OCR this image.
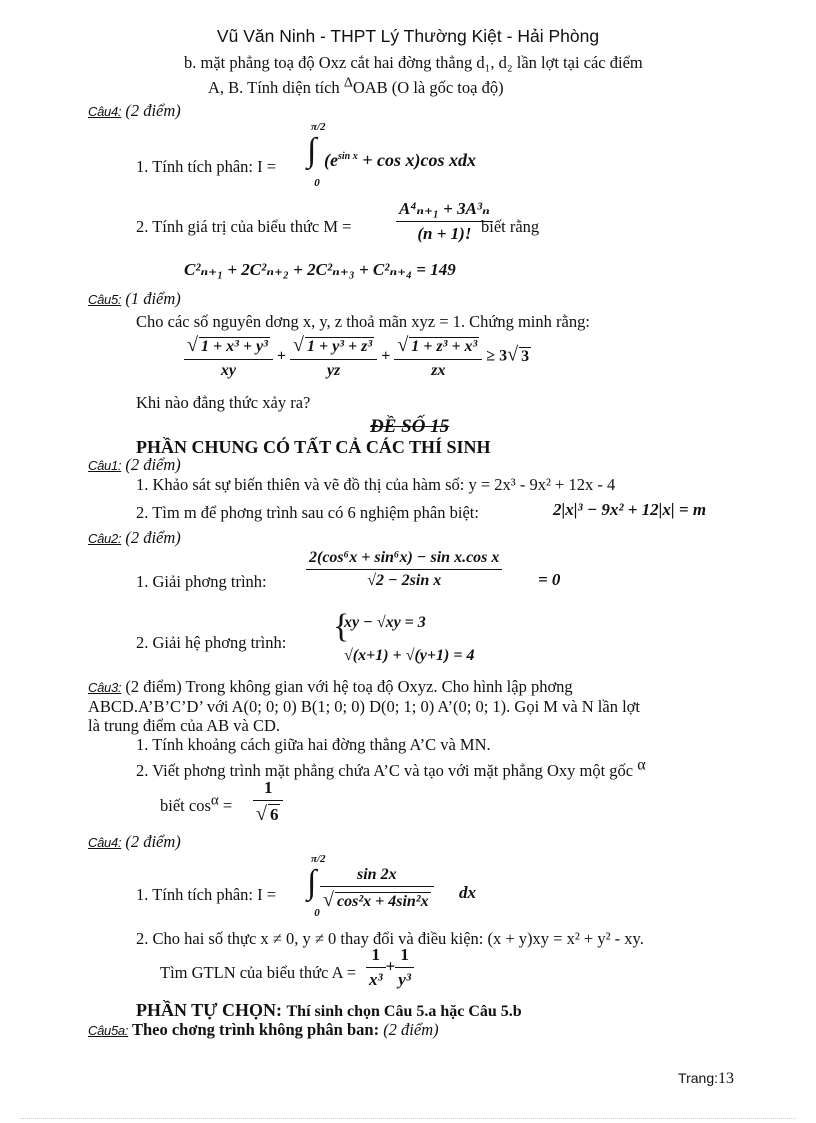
Vũ Văn Ninh - THPT Lý Thường Kiệt - Hải Phòng
b. mặt phẳng toạ độ Oxz cắt hai đờng thẳng d₁, d₂ lần lợt tại các điểm
A, B. Tính diện tích $^\Delta$OAB (O là gốc toạ độ)
Câu4: (2 điểm)
1. Tính tích phân: I =
π/2
∫
0
$(e^{sin x} + \cos x)\cos$ xdx
2. Tính giá trị của biểu thức M =	$\frac{\text{A⁴ₙ₊₁ + 3A³ₙ}}{(n + 1)!}$
biết rằng
C²ₙ₊₁ + 2C²ₙ₊₂ + 2C²ₙ₊₃ + C²ₙ₊₄ = 149
Câu5: (1 điểm)
Cho các số nguyên dơng x, y, z thoả mãn xyz = 1. Chứng minh rằng:
$\frac{\text{√ 1 + x³ + y³}}{xy} + \frac{\text{√ 1 + y³ + z³}}{yz} + \frac{\text{√ 1 + z³ + x³}}{zx} \ge 3√$ 3
Khi nào đẳng thức xảy ra?
ĐỀ SỐ 15
PHẦN CHUNG CÓ TẤT CẢ CÁC THÍ SINH
Câu1: (2 điểm)
1. Khảo sát sự biến thiên và vẽ đồ thị của hàm số: y = 2x³ - 9x² + 12x - 4
2. Tìm m để phơng trình sau có 6 nghiệm phân biệt:	2|x|³ − 9x² + 12|x| = m
Câu2: (2 điểm)
1. Giải phơng trình: $\frac{\text{2(cos⁶x + sin⁶x) − sin x.cos x}}{\text{√2 − 2sin x}} = 0$
2. Giải hệ phơng trình: {
xy − √xy = 3
√(x+1) + √(y+1) = 4
Câu3: (2 điểm) Trong không gian với hệ toạ độ Oxyz. Cho hình lập phơng
ABCD.A’B’C’D’ với A(0; 0; 0) B(1; 0; 0) D(0; 1; 0) A’(0; 0; 1). Gọi M và N lần lợt
là trung điểm của AB và CD.
1. Tính khoảng cách giữa hai đờng thẳng A’C và MN.
2. Viết phơng trình mặt phẳng chứa A’C và tạo với mặt phẳng Oxy một gốc $^\alpha$
biết $\cos^\alpha = \frac{1}{√ 6}$
Câu4: (2 điểm)
1. Tính tích phân: I =
π/2
∫
0
$\frac{\sin 2x}{\text{√ cos²x + 4sin²x}}$ dx
2. Cho hai số thực x ≠ 0, y ≠ 0 thay đổi và điều kiện: (x + y)xy = x² + y² - xy.
Tìm GTLN của biểu thức $A = \frac{1}{\text{x³}} + \frac{1}{\text{y³}}$
PHẦN TỰ CHỌN: Thí sinh chọn Câu 5.a hặc Câu 5.b
Câu5a: Theo chơng trình không phân ban: (2 điểm)
Trang:13
